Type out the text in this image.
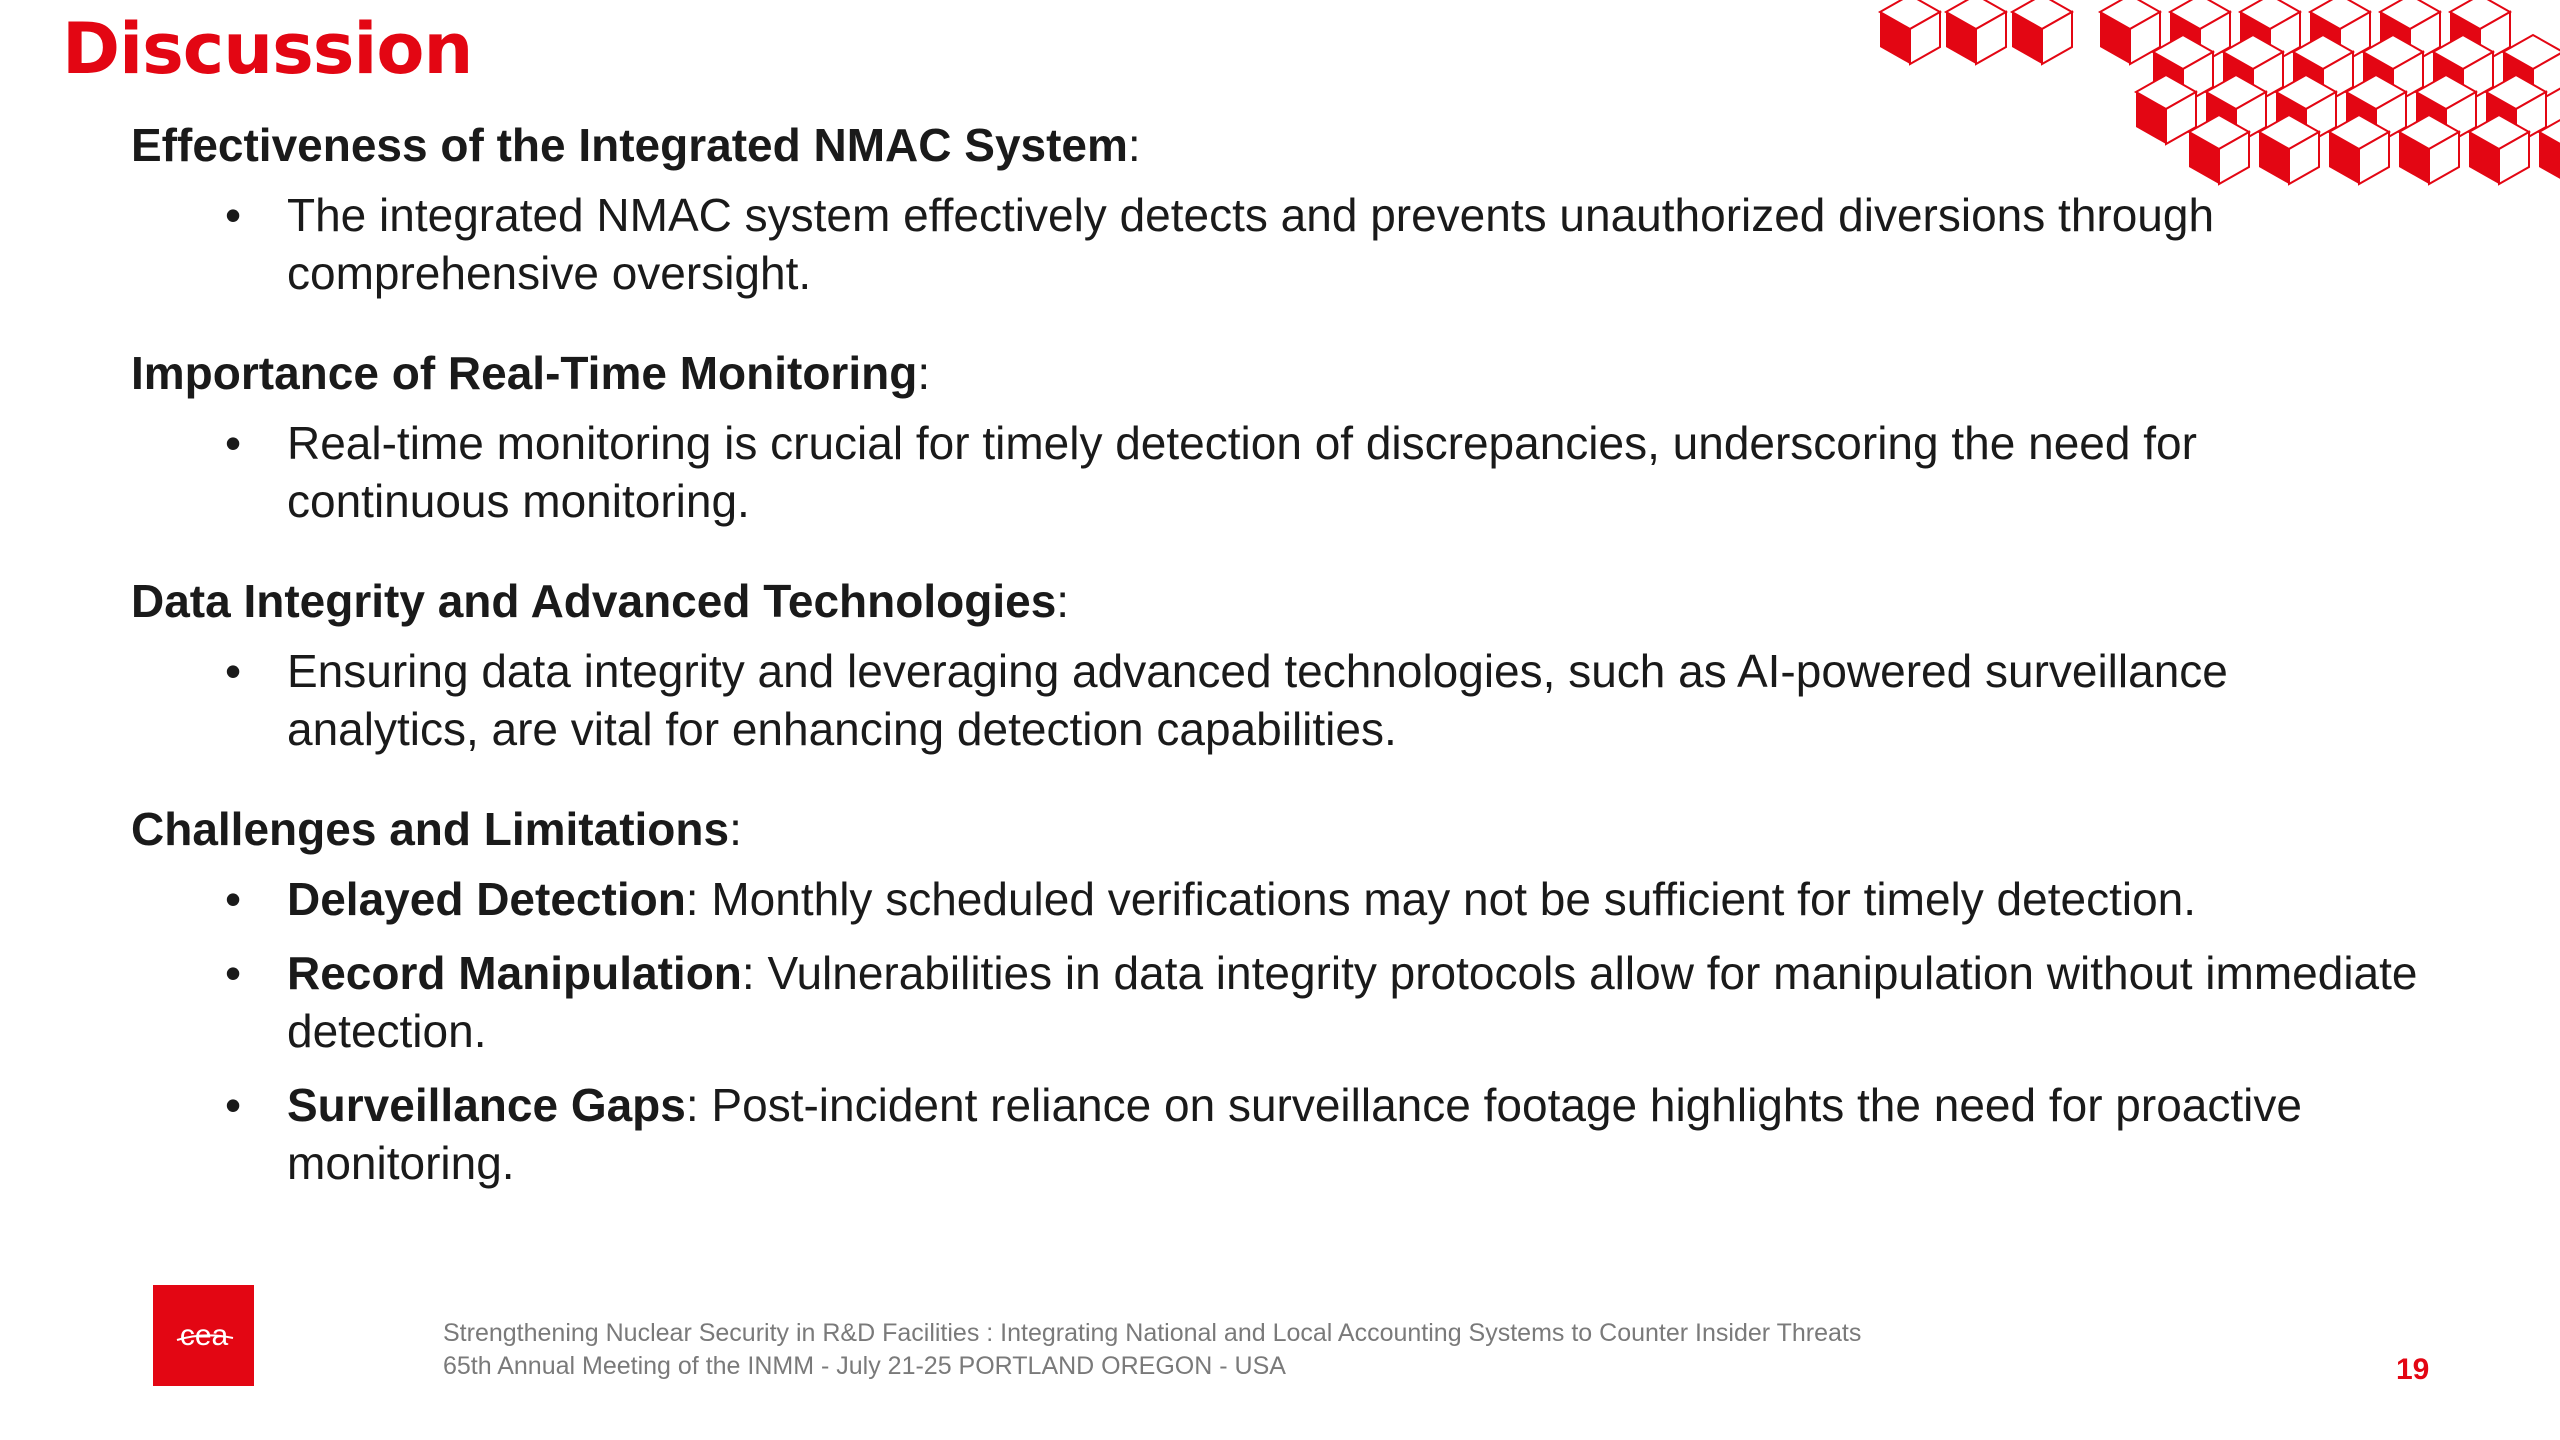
Discussion

Effectiveness of the Integrated NMAC System:

• The integrated NMAC system effectively detects and prevents unauthorized diversions through comprehensive oversight.

Importance of Real-Time Monitoring:

• Real-time monitoring is crucial for timely detection of discrepancies, underscoring the need for continuous monitoring.

Data Integrity and Advanced Technologies:

• Ensuring data integrity and leveraging advanced technologies, such as AI-powered surveillance analytics, are vital for enhancing detection capabilities.

Challenges and Limitations:

• Delayed Detection: Monthly scheduled verifications may not be sufficient for timely detection.
• Record Manipulation: Vulnerabilities in data integrity protocols allow for manipulation without immediate detection.
• Surveillance Gaps: Post-incident reliance on surveillance footage highlights the need for proactive monitoring.
cea	Strengthening Nuclear Security in R&D Facilities : Integrating National and Local Accounting Systems to Counter Insider Threats
65th Annual Meeting of the INMM - July 21-25 PORTLAND OREGON - USA	19
